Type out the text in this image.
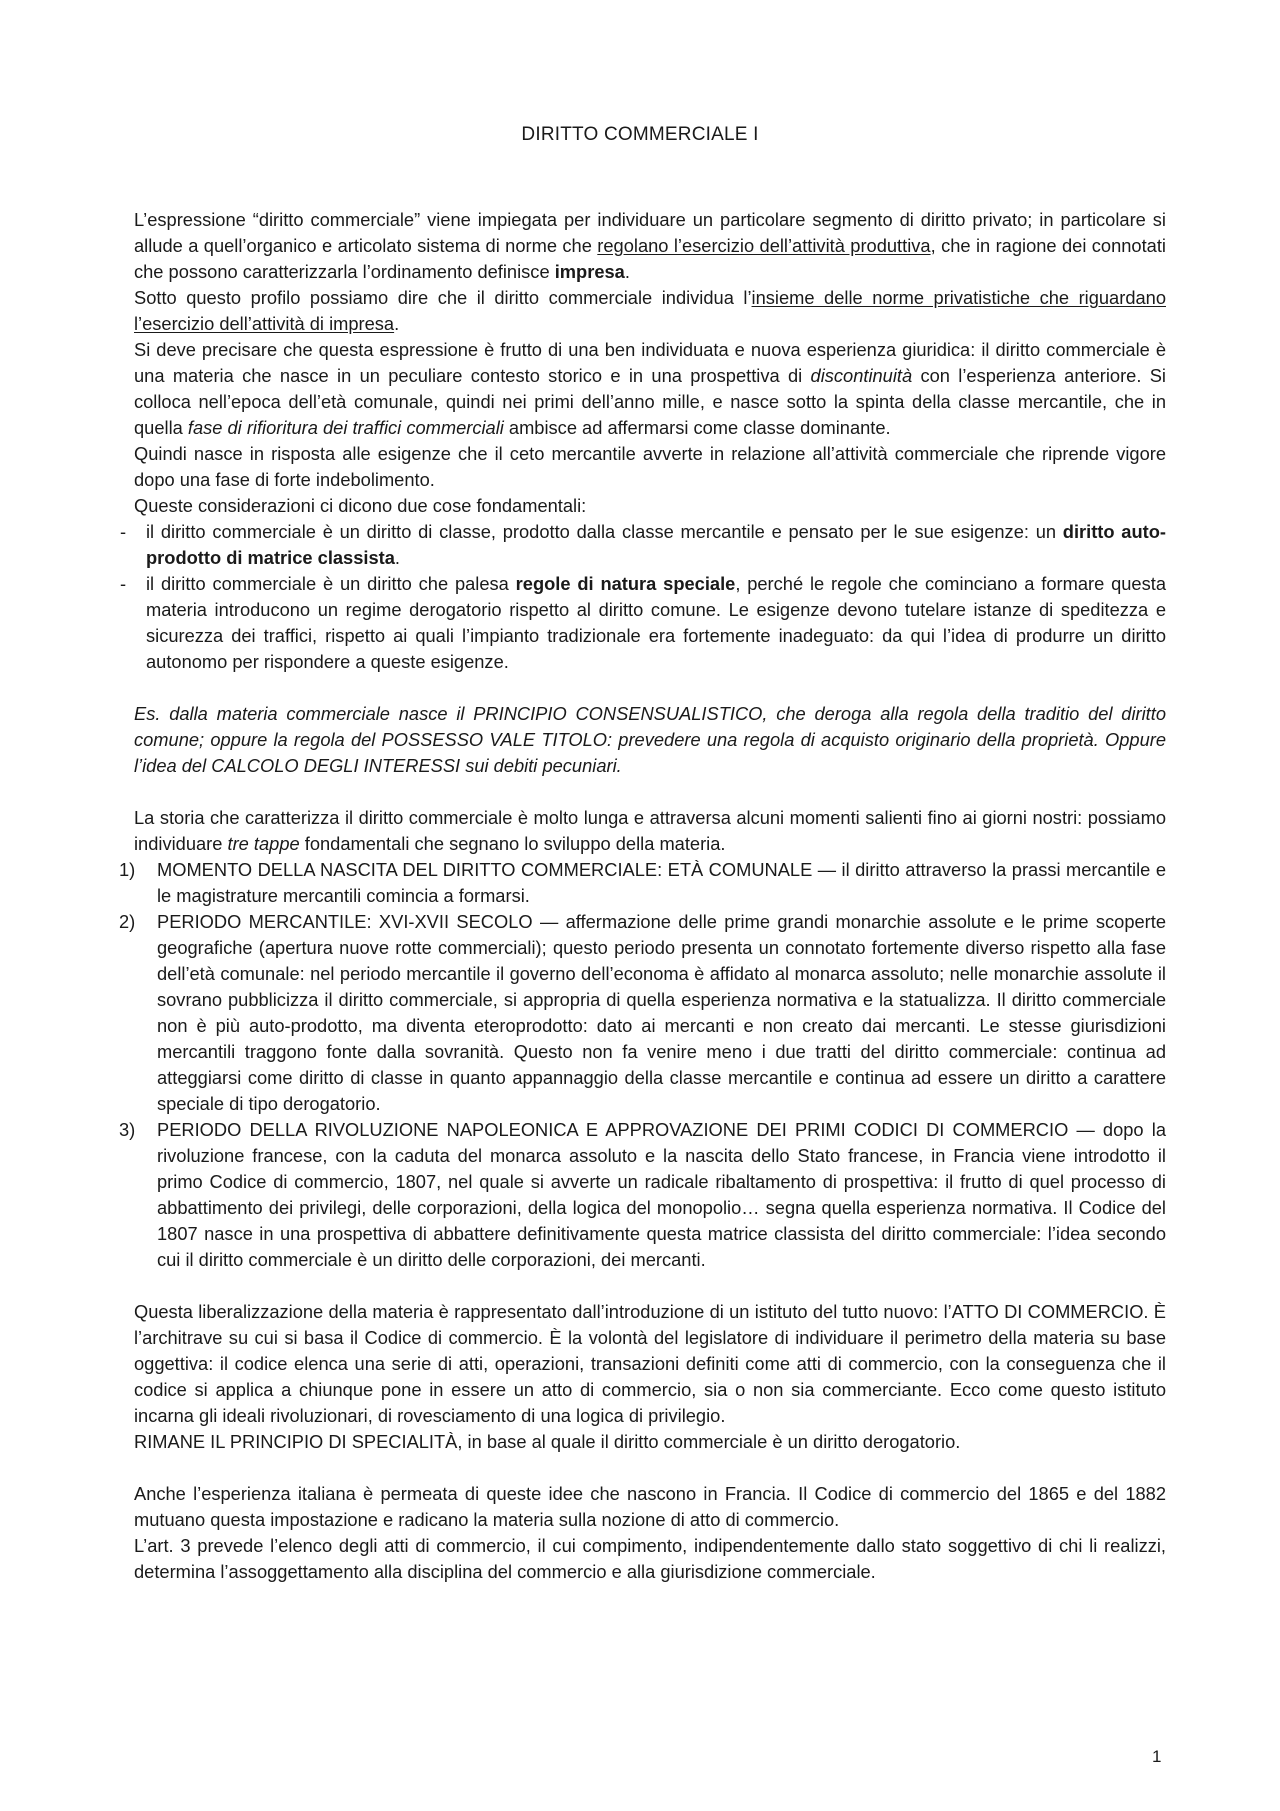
DIRITTO COMMERCIALE I

L’espressione “diritto commerciale” viene impiegata per individuare un particolare segmento di diritto privato; in particolare si allude a quell’organico e articolato sistema di norme che regolano l’esercizio dell’attività produttiva, che in ragione dei connotati che possono caratterizzarla l’ordinamento definisce impresa.

Sotto questo profilo possiamo dire che il diritto commerciale individua l’insieme delle norme privatistiche che riguardano l’esercizio dell’attività di impresa.

Si deve precisare che questa espressione è frutto di una ben individuata e nuova esperienza giuridica: il diritto commerciale è una materia che nasce in un peculiare contesto storico e in una prospettiva di discontinuità con l’esperienza anteriore. Si colloca nell’epoca dell’età comunale, quindi nei primi dell’anno mille, e nasce sotto la spinta della classe mercantile, che in quella fase di rifioritura dei traffici commerciali ambisce ad affermarsi come classe dominante.

Quindi nasce in risposta alle esigenze che il ceto mercantile avverte in relazione all’attività commerciale che riprende vigore dopo una fase di forte indebolimento.

Queste considerazioni ci dicono due cose fondamentali:

- il diritto commerciale è un diritto di classe, prodotto dalla classe mercantile e pensato per le sue esigenze: un diritto auto-prodotto di matrice classista.
- il diritto commerciale è un diritto che palesa regole di natura speciale, perché le regole che cominciano a formare questa materia introducono un regime derogatorio rispetto al diritto comune. Le esigenze devono tutelare istanze di speditezza e sicurezza dei traffici, rispetto ai quali l’impianto tradizionale era fortemente inadeguato: da qui l’idea di produrre un diritto autonomo per rispondere a queste esigenze.

Es. dalla materia commerciale nasce il PRINCIPIO CONSENSUALISTICO, che deroga alla regola della traditio del diritto comune; oppure la regola del POSSESSO VALE TITOLO: prevedere una regola di acquisto originario della proprietà. Oppure l’idea del CALCOLO DEGLI INTERESSI sui debiti pecuniari.

La storia che caratterizza il diritto commerciale è molto lunga e attraversa alcuni momenti salienti fino ai giorni nostri: possiamo individuare tre tappe fondamentali che segnano lo sviluppo della materia.

1) MOMENTO DELLA NASCITA DEL DIRITTO COMMERCIALE: ETÀ COMUNALE — il diritto attraverso la prassi mercantile e le magistrature mercantili comincia a formarsi.
2) PERIODO MERCANTILE: XVI-XVII SECOLO — affermazione delle prime grandi monarchie assolute e le prime scoperte geografiche (apertura nuove rotte commerciali); questo periodo presenta un connotato fortemente diverso rispetto alla fase dell’età comunale: nel periodo mercantile il governo dell’economa è affidato al monarca assoluto; nelle monarchie assolute il sovrano pubblicizza il diritto commerciale, si appropria di quella esperienza normativa e la statualizza. Il diritto commerciale non è più auto-prodotto, ma diventa eteroprodotto: dato ai mercanti e non creato dai mercanti. Le stesse giurisdizioni mercantili traggono fonte dalla sovranità. Questo non fa venire meno i due tratti del diritto commerciale: continua ad atteggiarsi come diritto di classe in quanto appannaggio della classe mercantile e continua ad essere un diritto a carattere speciale di tipo derogatorio.
3) PERIODO DELLA RIVOLUZIONE NAPOLEONICA E APPROVAZIONE DEI PRIMI CODICI DI COMMERCIO — dopo la rivoluzione francese, con la caduta del monarca assoluto e la nascita dello Stato francese, in Francia viene introdotto il primo Codice di commercio, 1807, nel quale si avverte un radicale ribaltamento di prospettiva: il frutto di quel processo di abbattimento dei privilegi, delle corporazioni, della logica del monopolio… segna quella esperienza normativa. Il Codice del 1807 nasce in una prospettiva di abbattere definitivamente questa matrice classista del diritto commerciale: l’idea secondo cui il diritto commerciale è un diritto delle corporazioni, dei mercanti.

Questa liberalizzazione della materia è rappresentato dall’introduzione di un istituto del tutto nuovo: l’ATTO DI COMMERCIO. È l’architrave su cui si basa il Codice di commercio. È la volontà del legislatore di individuare il perimetro della materia su base oggettiva: il codice elenca una serie di atti, operazioni, transazioni definiti come atti di commercio, con la conseguenza che il codice si applica a chiunque pone in essere un atto di commercio, sia o non sia commerciante. Ecco come questo istituto incarna gli ideali rivoluzionari, di rovesciamento di una logica di privilegio.

RIMANE IL PRINCIPIO DI SPECIALITÀ, in base al quale il diritto commerciale è un diritto derogatorio.

Anche l’esperienza italiana è permeata di queste idee che nascono in Francia. Il Codice di commercio del 1865 e del 1882 mutuano questa impostazione e radicano la materia sulla nozione di atto di commercio.

L’art. 3 prevede l’elenco degli atti di commercio, il cui compimento, indipendentemente dallo stato soggettivo di chi li realizzi, determina l’assoggettamento alla disciplina del commercio e alla giurisdizione commerciale.

1
